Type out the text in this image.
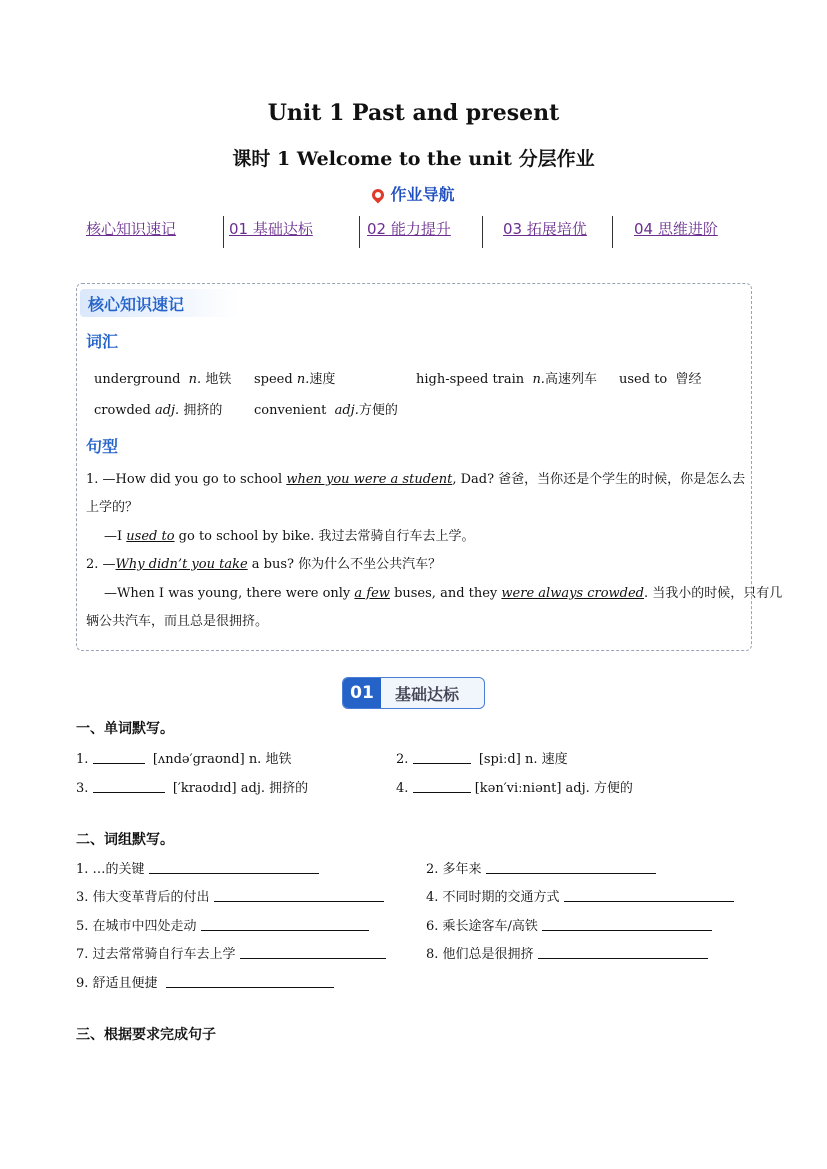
Unit 1 Past and present
课时 1 Welcome to the unit 分层作业
作业导航
核心知识速记	01 基础达标	02 能力提升	03 拓展培优	04 思维进阶
核心知识速记
词汇
underground n. 地铁 speed n.速度	high-speed train n.高速列车 used to 曾经
crowded adj. 拥挤的 convenient adj.方便的
句型
1. —How did you go to school when you were a student, Dad? 爸爸，当你还是个学生的时候，你是怎么去
上学的？
—I used to go to school by bike. 我过去常骑自行车去上学。
2. —Why didn’t you take a bus? 你为什么不坐公共汽车？
—When I was young, there were only a few buses, and they were always crowded. 当我小的时候，只有几
辆公共汽车，而且总是很拥挤。
01	基础达标
一、单词默写。
1.	[ʌndə′graʊnd] n. 地铁	2.	[spiːd] n. 速度
3.	[′kraʊdɪd] adj. 拥挤的	4.	[kən′viːniənt] adj. 方便的
二、词组默写。
1. …的关键	2. 多年来
3. 伟大变革背后的付出	4. 不同时期的交通方式
5. 在城市中四处走动	6. 乘长途客车/高铁
7. 过去常常骑自行车去上学	8. 他们总是很拥挤
9. 舒适且便捷
三、根据要求完成句子
